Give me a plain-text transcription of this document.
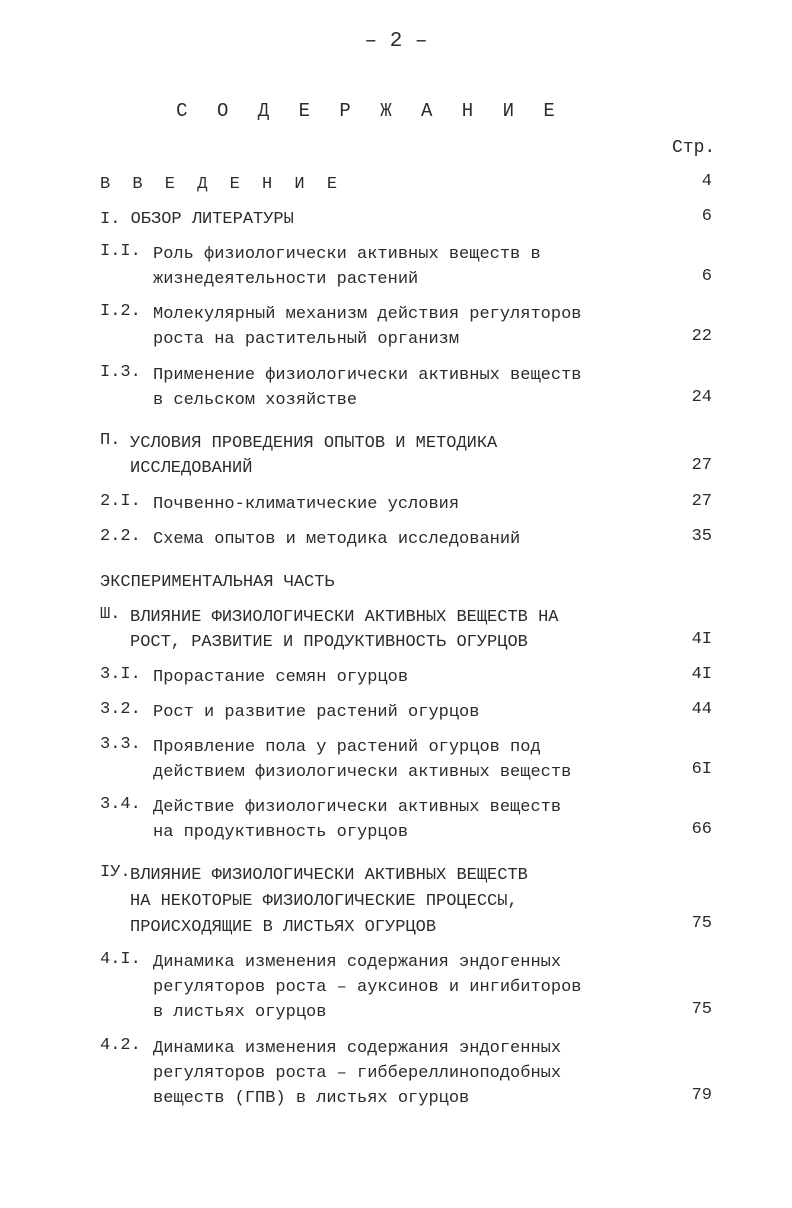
– 2 –
С О Д Е Р Ж А Н И Е
Стр.
В В Е Д Е Н И Е	4
I. ОБЗОР ЛИТЕРАТУРЫ	6
I.I. Роль физиологически активных веществ в
жизнедеятельности растений	6
I.2. Молекулярный механизм действия регуляторов
роста на растительный организм	22
I.3. Применение физиологически активных веществ
в сельском хозяйстве	24
П. УСЛОВИЯ ПРОВЕДЕНИЯ ОПЫТОВ И МЕТОДИКА
ИССЛЕДОВАНИЙ	27
2.I. Почвенно-климатические условия	27
2.2. Схема опытов и методика исследований	35
ЭКСПЕРИМЕНТАЛЬНАЯ ЧАСТЬ
Ш. ВЛИЯНИЕ ФИЗИОЛОГИЧЕСКИ АКТИВНЫХ ВЕЩЕСТВ НА
РОСТ, РАЗВИТИЕ И ПРОДУКТИВНОСТЬ ОГУРЦОВ	4I
3.I. Прорастание семян огурцов	4I
3.2. Рост и развитие растений огурцов	44
3.3. Проявление пола у растений огурцов под
действием физиологически активных веществ	6I
3.4. Действие физиологически активных веществ
на продуктивность огурцов	66
IУ. ВЛИЯНИЕ ФИЗИОЛОГИЧЕСКИ АКТИВНЫХ ВЕЩЕСТВ
НА НЕКОТОРЫЕ ФИЗИОЛОГИЧЕСКИЕ ПРОЦЕССЫ,
ПРОИСХОДЯЩИЕ В ЛИСТЬЯХ ОГУРЦОВ	75
4.I. Динамика изменения содержания эндогенных
регуляторов роста – ауксинов и ингибиторов
в листьях огурцов	75
4.2. Динамика изменения содержания эндогенных
регуляторов роста – гиббереллиноподобных
веществ (ГПВ) в листьях огурцов	79
